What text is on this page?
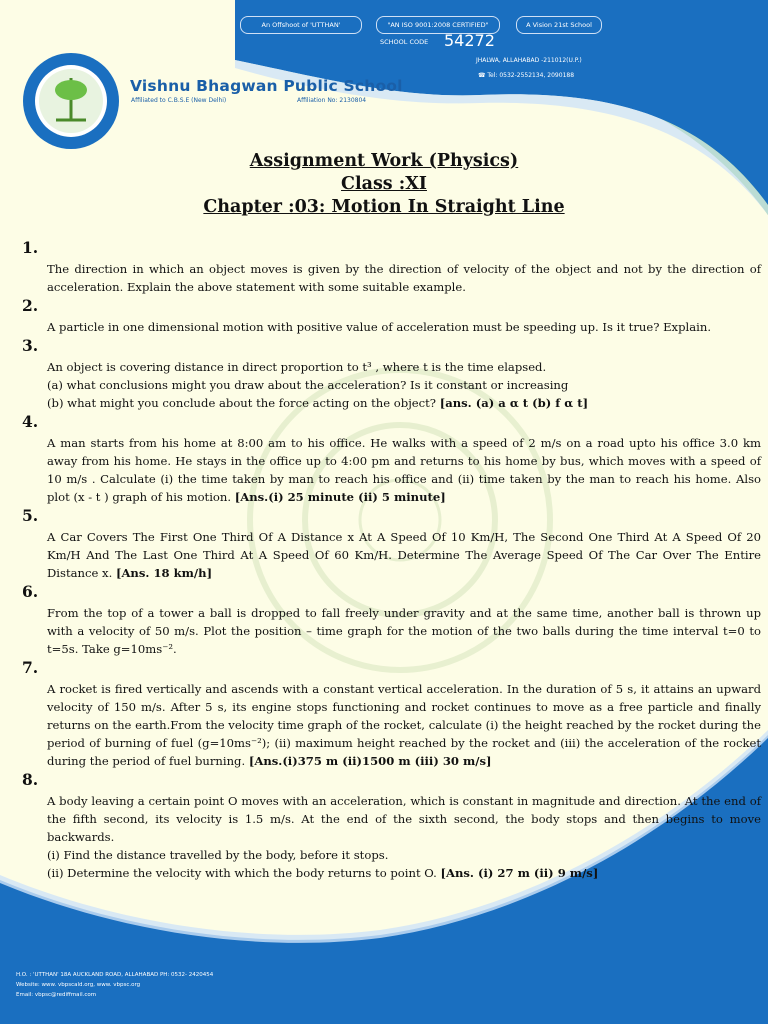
An Offshoot of 'UTTHAN'	"AN ISO 9001:2008 CERTIFIED"	A Vision 21st School
SCHOOL CODE 54272
JHALWA, ALLAHABAD -211012(U.P.)
☎ Tel: 0532-2552134, 2090188
Vishnu Bhagwan Public School
Affiliated to C.B.S.E (New Delhi)	Affiliation No: 2130804
Assignment Work (Physics)
Class :XI
Chapter :03: Motion In Straight Line
1.

The direction in which an object moves is given by the direction of velocity of the object and not by the direction of acceleration. Explain the above statement with some suitable example.

2.

A particle in one dimensional motion with positive value of acceleration must be speeding up. Is it true? Explain.

3.

An object is covering distance in direct proportion to t³ , where t is the time elapsed.

(a) what conclusions might you draw about the acceleration? Is it constant or increasing

(b) what might you conclude about the force acting on the object? [ans. (a) a α t (b) f α t]

4.

A man starts from his home at 8:00 am to his office. He walks with a speed of 2 m/s on a road upto his office 3.0 km away from his home. He stays in the office up to 4:00 pm and returns to his home by bus, which moves with a speed of 10 m/s . Calculate (i) the time taken by man to reach his office and (ii) time taken by the man to reach his home. Also plot (x - t ) graph of his motion. [Ans.(i) 25 minute (ii) 5 minute]

5.

A Car Covers The First One Third Of A Distance x At A Speed Of 10 Km/H, The Second One Third At A Speed Of 20 Km/H And The Last One Third At A Speed Of 60 Km/H. Determine The Average Speed Of The Car Over The Entire Distance x. [Ans. 18 km/h]

6.

From the top of a tower a ball is dropped to fall freely under gravity and at the same time, another ball is thrown up with a velocity of 50 m/s. Plot the position – time graph for the motion of the two balls during the time interval t=0 to t=5s. Take g=10ms⁻².

7.

A rocket is fired vertically and ascends with a constant vertical acceleration. In the duration of 5 s, it attains an upward velocity of 150 m/s. After 5 s, its engine stops functioning and rocket continues to move as a free particle and finally returns on the earth.From the velocity time graph of the rocket, calculate (i) the height reached by the rocket during the period of burning of fuel (g=10ms⁻²); (ii) maximum height reached by the rocket and (iii) the acceleration of the rocket during the period of fuel burning. [Ans.(i)375 m (ii)1500 m (iii) 30 m/s]

8.

A body leaving a certain point O moves with an acceleration, which is constant in magnitude and direction. At the end of the fifth second, its velocity is 1.5 m/s. At the end of the sixth second, the body stops and then begins to move backwards.

(i) Find the distance travelled by the body, before it stops.

(ii) Determine the velocity with which the body returns to point O. [Ans. (i) 27 m (ii) 9 m/s]

H.O. : 'UTTHAN' 18A AUCKLAND ROAD, ALLAHABAD PH: 0532- 2420454
Website: www. vbpscald.org, www. vbpsc.org
Email: vbpsc@rediffmail.com
